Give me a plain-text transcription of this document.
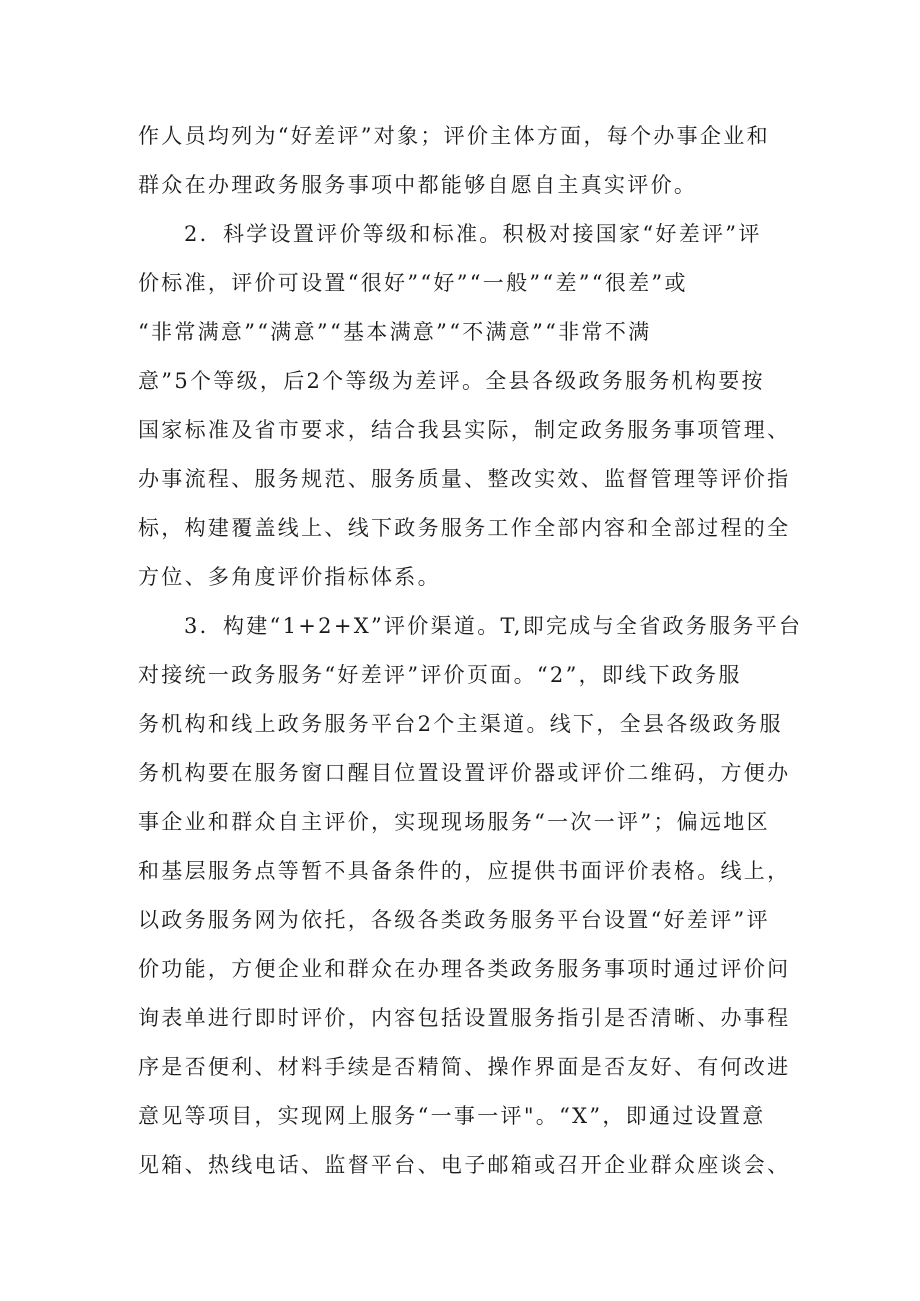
作人员均列为“好差评”对象；评价主体方面，每个办事企业和
群众在办理政务服务事项中都能够自愿自主真实评价。
2．科学设置评价等级和标准。积极对接国家“好差评”评
价标准，评价可设置“很好”“好”“一般”“差”“很差”或
“非常满意”“满意”“基本满意”“不满意”“非常不满
意”5个等级，后2个等级为差评。全县各级政务服务机构要按
国家标准及省市要求，结合我县实际，制定政务服务事项管理、
办事流程、服务规范、服务质量、整改实效、监督管理等评价指
标，构建覆盖线上、线下政务服务工作全部内容和全部过程的全
方位、多角度评价指标体系。
3．构建“1+2+X”评价渠道。T,即完成与全省政务服务平台
对接统一政务服务“好差评”评价页面。“2”，即线下政务服
务机构和线上政务服务平台2个主渠道。线下，全县各级政务服
务机构要在服务窗口醒目位置设置评价器或评价二维码，方便办
事企业和群众自主评价，实现现场服务“一次一评”；偏远地区
和基层服务点等暂不具备条件的，应提供书面评价表格。线上，
以政务服务网为依托，各级各类政务服务平台设置“好差评”评
价功能，方便企业和群众在办理各类政务服务事项时通过评价问
询表单进行即时评价，内容包括设置服务指引是否清晰、办事程
序是否便利、材料手续是否精简、操作界面是否友好、有何改进
意见等项目，实现网上服务“一事一评"。“X”，即通过设置意
见箱、热线电话、监督平台、电子邮箱或召开企业群众座谈会、
